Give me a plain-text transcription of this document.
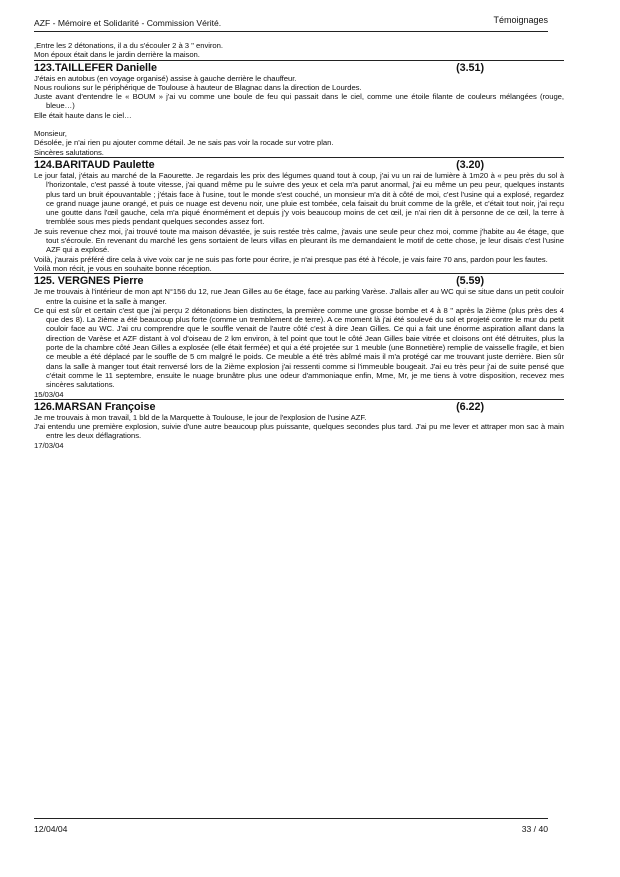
AZF - Mémoire et Solidarité - Commission Vérité.	Témoignages

,Entre les 2 détonations, il a du s'écouler 2 à 3 '' environ.

Mon époux était dans le jardin derrière la maison.

123.TAILLEFER Danielle	(3.51)

J'étais en autobus (en voyage organisé) assise à gauche derrière le chauffeur.

Nous roulions sur le périphérique de Toulouse à hauteur de Blagnac dans la direction de Lourdes.

Juste avant d'entendre le « BOUM » j'ai vu comme une boule de feu qui passait dans le ciel, comme une étoile filante de couleurs mélangées (rouge, bleue…)

Elle était haute dans le ciel…

Monsieur,

Désolée, je n'ai rien pu ajouter comme détail. Je ne sais pas voir la rocade sur votre plan.

Sincères salutations.

124.BARITAUD Paulette	(3.20)

Le jour fatal, j'étais au marché de la Faourette. Je regardais les prix des légumes quand tout à coup, j'ai vu un rai de lumière à 1m20 à « peu près du sol à l'horizontale, c'est passé à toute vitesse, j'ai quand même pu le suivre des yeux et cela m'a parut anormal, j'ai eu même un peu peur, quelques instants plus tard un bruit épouvantable ; j'étais face à l'usine, tout le monde s'est couché, un monsieur m'a dit à côté de moi, c'est l'usine qui a explosé, regardez ce grand nuage jaune orangé, et puis ce nuage est devenu noir, une pluie est tombée, cela faisait du bruit comme de la grêle, et c'était tout noir, j'ai reçu une goutte dans l'œil gauche, cela m'a piqué énormément et depuis j'y vois beaucoup moins de cet œil, je n'ai rien dit à personne de ce œil, la terre à tremblée sous mes pieds pendant quelques secondes assez fort.

Je suis revenue chez moi, j'ai trouvé toute ma maison dévastée, je suis restée très calme, j'avais une seule peur chez moi, comme j'habite au 4e étage, que tout s'écroule. En revenant du marché les gens sortaient de leurs villas en pleurant ils me demandaient le motif de cette chose, je leur disais c'est l'usine AZF qui a explosé.

Voilà, j'aurais préféré dire cela à vive voix car je ne suis pas forte pour écrire, je n'ai presque pas été à l'école, je vais faire 70 ans, pardon pour les fautes.

Voilà mon récit, je vous en souhaite bonne réception.

125. VERGNES Pierre	(5.59)

Je me trouvais à l'intérieur de mon apt N°156 du 12, rue Jean Gilles au 6e étage, face au parking Varèse. J'allais aller au WC qui se situe dans un petit couloir entre la cuisine et la salle à manger.

Ce qui est sûr et certain c'est que j'ai perçu 2 détonations bien distinctes, la première comme une grosse bombe et 4 à 8 '' après la 2ième (plus près des 4 que des 8). La 2ième a été beaucoup plus forte (comme un tremblement de terre). A ce moment là j'ai été soulevé du sol et projeté contre le mur du petit couloir face au WC. J'ai cru comprendre que le souffle venait de l'autre côté c'est à dire Jean Gilles. Ce qui a fait une énorme aspiration allant dans la direction de Varèse et AZF distant à vol d'oiseau de 2 km environ, à tel point que tout le côté Jean Gilles baie vitrée et cloisons ont été détruites, plus la porte de la chambre côté Jean Gilles a explosée (elle était fermée) et qui a été projetée sur 1 meuble (une Bonnetière) remplie de vaisselle fragile, et bien ce meuble a été déplacé par le souffle de 5 cm malgré le poids. Ce meuble a été très abîmé mais il m'a protégé car me trouvant juste derrière. Bien sûr dans la salle à manger tout était renversé lors de la 2ième explosion j'ai ressenti comme si l'immeuble bougeait. J'ai eu très peur j'ai de suite pensé que c'était comme le 11 septembre, ensuite le nuage brunâtre plus une odeur d'ammoniaque enfin, Mme, Mr, je me tiens à votre disposition, recevez mes sincères salutations.

15/03/04

126.MARSAN Françoise	(6.22)

Je me trouvais à mon travail, 1 bld de la Marquette à Toulouse, le jour de l'explosion de l'usine AZF.

J'ai entendu une première explosion, suivie d'une autre beaucoup plus puissante, quelques secondes plus tard. J'ai pu me lever et attraper mon sac à main entre les deux déflagrations.

17/03/04

12/04/04	33 / 40
